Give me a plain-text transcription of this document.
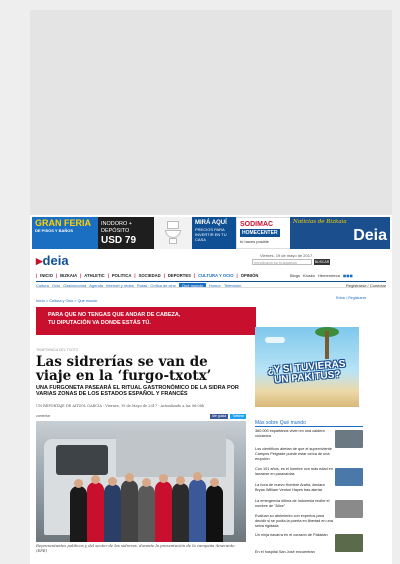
GRAN FERIA
DE PISOS Y BAÑOS
INODORO + DEPÓSITO
USD 79
MIRÁ AQUÍ
PRECIOS PARA INVERTIR EN TU CASA
SODIMAC
HOMECENTER
tú haces posible
Noticias de Bizkaia
Deia
▸deia	Viernes, 19 de mayo de 2017
Introduzca su búsqueda	BUSCAR
| INICIO | BIZKAIA | ATHLETIC | POLITICA | SOCIEDAD | DEPORTES | CULTURA Y OCIO | OPINIÓN	Blogs Kiosko Hemeroteca ◼◼◼
Cultura Ocio Gastronomía Agenda Internet y redes Rutas Crítica de cine	Qué mundo	Humor Televisión	Registrarse / Conectar
Entrar | Registrarse
Inicio > Cultura y Ocio > Qué mundo
PARA QUE NO TENGAS QUE ANDAR DE CABEZA,
TU DIPUTACIÓN VA DONDE ESTÁS TÚ.
TEMPORADA DEL TXOTX
Las sidrerías se van de viaje en la ‘furgo-txotx’
UNA FURGONETA PASEARÁ EL RITUAL GASTRONÓMICO DE LA SIDRA POR VARIAS ZONAS DE LOS ESTADOS ESPAÑOL Y FRANCÉS
UN REPORTAJE DE AITZOL GARCÍA - Viernes, 19 de Mayo de 2017 - Actualizado a las 06:08h
comentar	Me gusta	Twittear
Representantes políticos y del sector de las sidreras, durante la presentación de la campaña itinerante. (EFE)
¿Y SI TUVIERAS UN PAKITUS?
Más sobre Qué mundo
360.000 espartanos viven en una caldera volcánica
Los científicos alertan de que el superviviente Campos Pelgrade puede estar cerca de una erupción
Con 101 años, es el hombre con más edad en lanzarse en paracaídas
La hora de nuevo Hombre Araña, declara Bryan William Venturi Hayes tras alertar
La emergencia última de Indonesia recibe el nombre de "Alice"
Evalúan su abrimiento con expertos para decidir si se podía la puerta en libertad en una selva rigidada
Un ninja navarra en el corazón de Pakistán
En el hospital San José encuentran
